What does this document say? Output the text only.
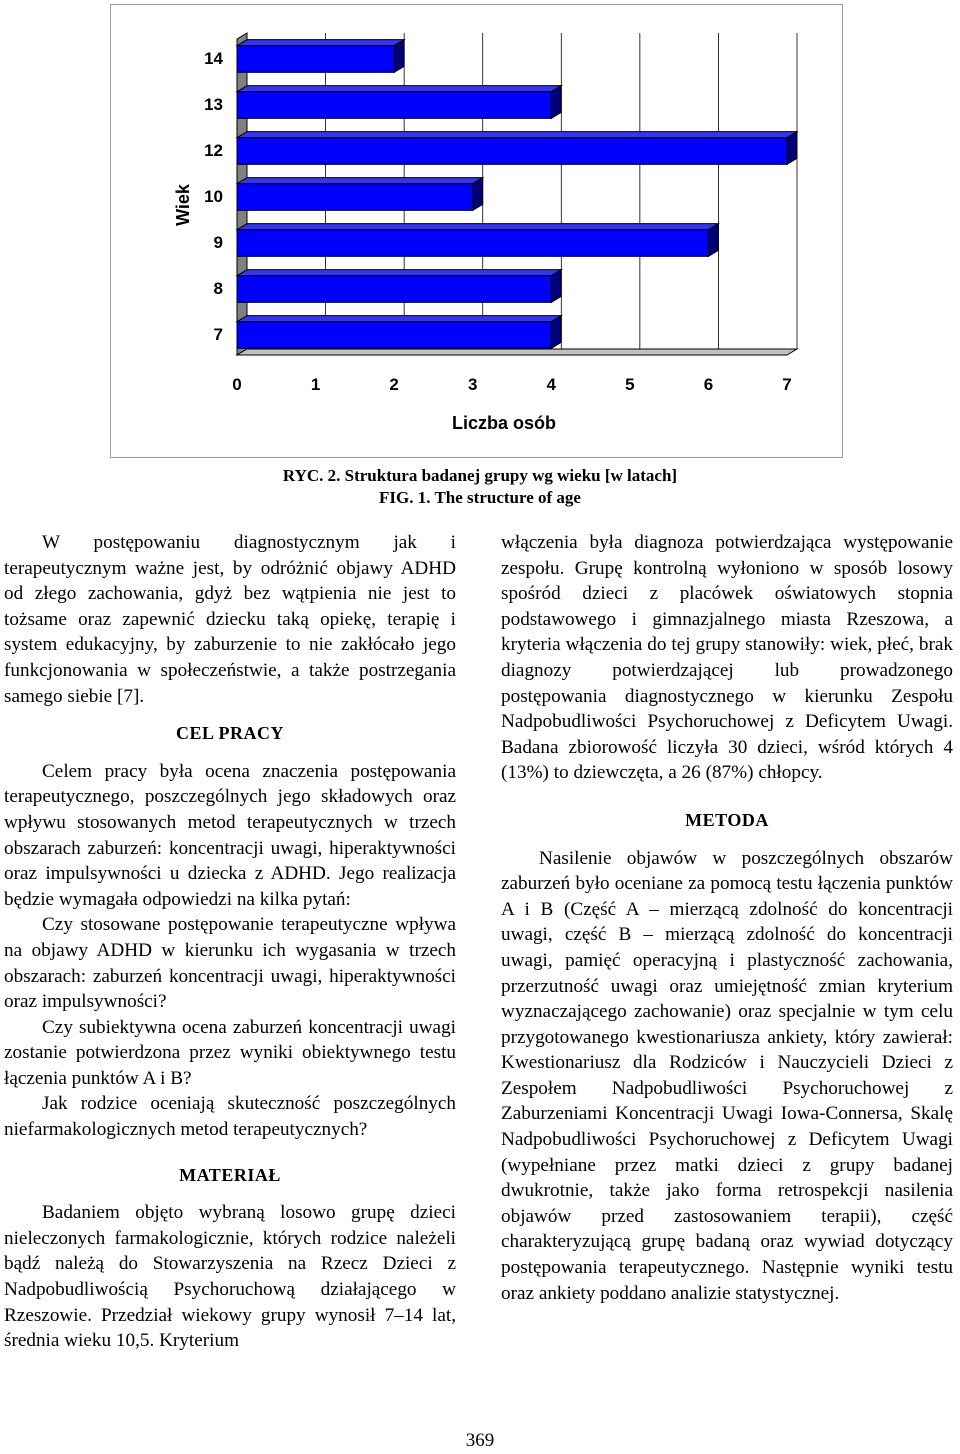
7
8
9
10
12
13
14
0	1	2	3	4	5	6	7
Wiek
Liczba osób
RYC. 2. Struktura badanej grupy wg wieku [w latach]
FIG. 1. The structure of age

W postępowaniu diagnostycznym jak i terapeutycznym ważne jest, by odróżnić objawy ADHD od złego zachowania, gdyż bez wątpienia nie jest to tożsame oraz zapewnić dziecku taką opiekę, terapię i system edukacyjny, by zaburzenie to nie zakłócało jego funkcjonowania w społeczeństwie, a także postrzegania samego siebie [7].

CEL PRACY

Celem pracy była ocena znaczenia postępowania terapeutycznego, poszczególnych jego składowych oraz wpływu stosowanych metod terapeutycznych w trzech obszarach zaburzeń: koncentracji uwagi, hiperaktywności oraz impulsywności u dziecka z ADHD. Jego realizacja będzie wymagała odpowiedzi na kilka pytań:

Czy stosowane postępowanie terapeutyczne wpływa na objawy ADHD w kierunku ich wygasania w trzech obszarach: zaburzeń koncentracji uwagi, hiperaktywności oraz impulsywności?

Czy subiektywna ocena zaburzeń koncentracji uwagi zostanie potwierdzona przez wyniki obiektywnego testu łączenia punktów A i B?

Jak rodzice oceniają skuteczność poszczególnych niefarmakologicznych metod terapeutycznych?

MATERIAŁ

Badaniem objęto wybraną losowo grupę dzieci nieleczonych farmakologicznie, których rodzice należeli bądź należą do Stowarzyszenia na Rzecz Dzieci z Nadpobudliwością Psychoruchową działającego w Rzeszowie. Przedział wiekowy grupy wynosił 7–14 lat, średnia wieku 10,5. Kryterium

włączenia była diagnoza potwierdzająca występowanie zespołu. Grupę kontrolną wyłoniono w sposób losowy spośród dzieci z placówek oświatowych stopnia podstawowego i gimnazjalnego miasta Rzeszowa, a kryteria włączenia do tej grupy stanowiły: wiek, płeć, brak diagnozy potwierdzającej lub prowadzonego postępowania diagnostycznego w kierunku Zespołu Nadpobudliwości Psychoruchowej z Deficytem Uwagi. Badana zbiorowość liczyła 30 dzieci, wśród których 4 (13%) to dziewczęta, a 26 (87%) chłopcy.

METODA

Nasilenie objawów w poszczególnych obszarów zaburzeń było oceniane za pomocą testu łączenia punktów A i B (Część A – mierzącą zdolność do koncentracji uwagi, część B – mierzącą zdolność do koncentracji uwagi, pamięć operacyjną i plastyczność zachowania, przerzutność uwagi oraz umiejętność zmian kryterium wyznaczającego zachowanie) oraz specjalnie w tym celu przygotowanego kwestionariusza ankiety, który zawierał: Kwestionariusz dla Rodziców i Nauczycieli Dzieci z Zespołem Nadpobudliwości Psychoruchowej z Zaburzeniami Koncentracji Uwagi Iowa-Connersa, Skalę Nadpobudliwości Psychoruchowej z Deficytem Uwagi (wypełniane przez matki dzieci z grupy badanej dwukrotnie, także jako forma retrospekcji nasilenia objawów przed zastosowaniem terapii), część charakteryzującą grupę badaną oraz wywiad dotyczący postępowania terapeutycznego. Następnie wyniki testu oraz ankiety poddano analizie statystycznej.

369
